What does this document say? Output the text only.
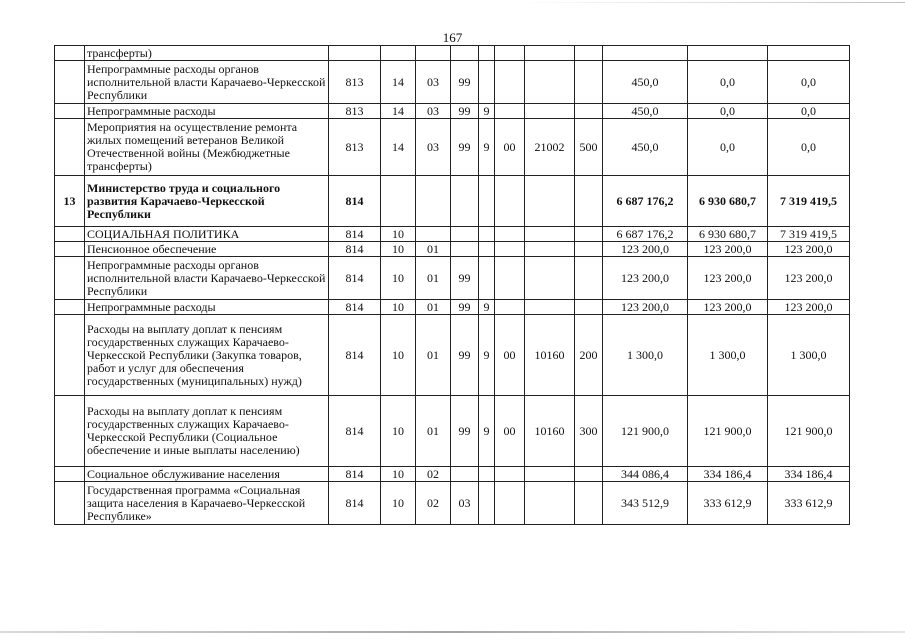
167
	трансферты)											
	Непрограммные расходы органов исполнительной власти Карачаево-Черкесской Республики	813	14	03	99					450,0	0,0	0,0
	Непрограммные расходы	813	14	03	99	9				450,0	0,0	0,0
	Мероприятия на осуществление ремонта жилых помещений ветеранов Великой Отечественной войны (Межбюджетные трансферты)	813	14	03	99	9	00	21002	500	450,0	0,0	0,0
13	Министерство труда и социального развития Карачаево-Черкесской Республики	814								6 687 176,2	6 930 680,7	7 319 419,5
	СОЦИАЛЬНАЯ ПОЛИТИКА	814	10							6 687 176,2	6 930 680,7	7 319 419,5
	Пенсионное обеспечение	814	10	01						123 200,0	123 200,0	123 200,0
	Непрограммные расходы органов исполнительной власти Карачаево-Черкесской Республики	814	10	01	99					123 200,0	123 200,0	123 200,0
	Непрограммные расходы	814	10	01	99	9				123 200,0	123 200,0	123 200,0
	Расходы на выплату доплат к пенсиям государственных служащих Карачаево-Черкесской Республики (Закупка товаров, работ и услуг для обеспечения государственных (муниципальных) нужд)	814	10	01	99	9	00	10160	200	1 300,0	1 300,0	1 300,0
	Расходы на выплату доплат к пенсиям государственных служащих Карачаево-Черкесской Республики (Социальное обеспечение и иные выплаты населению)	814	10	01	99	9	00	10160	300	121 900,0	121 900,0	121 900,0
	Социальное обслуживание населения	814	10	02						344 086,4	334 186,4	334 186,4
	Государственная программа «Социальная защита населения в Карачаево-Черкесской Республике»	814	10	02	03					343 512,9	333 612,9	333 612,9
